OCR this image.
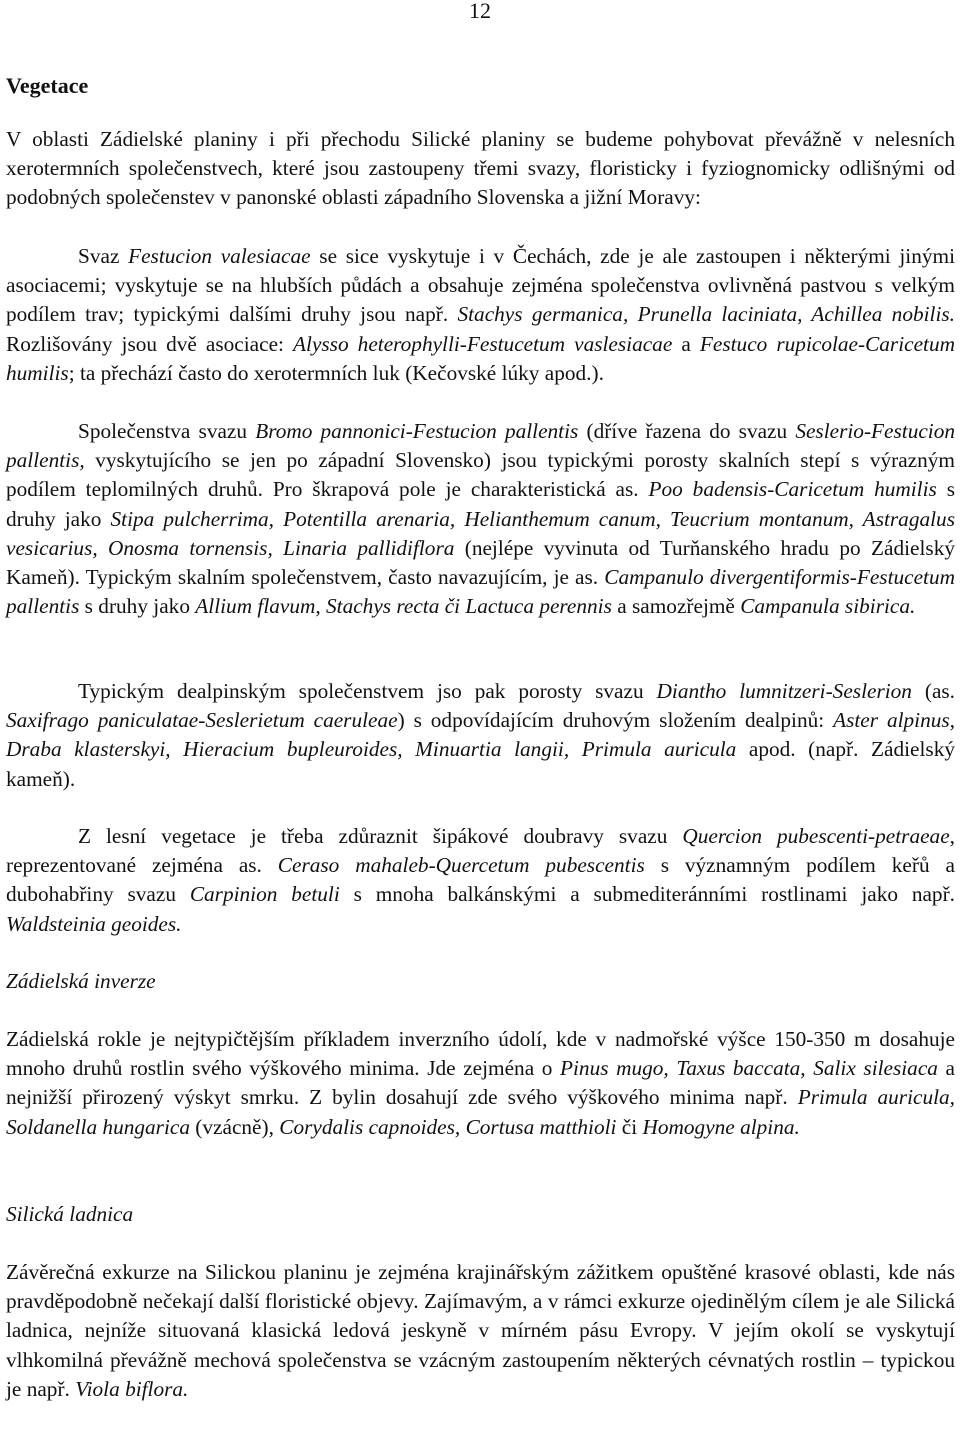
12
Vegetace

V oblasti Zádielské planiny i při přechodu Silické planiny se budeme pohybovat převážně v nelesních xerotermních společenstvech, které jsou zastoupeny třemi svazy, floristicky i fyziognomicky odlišnými od podobných společenstev v panonské oblasti západního Slovenska a jižní Moravy:

Svaz Festucion valesiacae se sice vyskytuje i v Čechách, zde je ale zastoupen i některými jinými asociacemi; vyskytuje se na hlubších půdách a obsahuje zejména společenstva ovlivněná pastvou s velkým podílem trav; typickými dalšími druhy jsou např. Stachys germanica, Prunella laciniata, Achillea nobilis. Rozlišovány jsou dvě asociace: Alysso heterophylli-Festucetum vaslesiacae a Festuco rupicolae-Caricetum humilis; ta přechází často do xerotermních luk (Kečovské lúky apod.).

Společenstva svazu Bromo pannonici-Festucion pallentis (dříve řazena do svazu Seslerio-Festucion pallentis, vyskytujícího se jen po západní Slovensko) jsou typickými porosty skalních stepí s výrazným podílem teplomilných druhů. Pro škrapová pole je charakteristická as. Poo badensis-Caricetum humilis s druhy jako Stipa pulcherrima, Potentilla arenaria, Helianthemum canum, Teucrium montanum, Astragalus vesicarius, Onosma tornensis, Linaria pallidiflora (nejlépe vyvinuta od Turňanského hradu po Zádielský Kameň). Typickým skalním společenstvem, často navazujícím, je as. Campanulo divergentiformis-Festucetum pallentis s druhy jako Allium flavum, Stachys recta či Lactuca perennis a samozřejmě Campanula sibirica.

Typickým dealpinským společenstvem jso pak porosty svazu Diantho lumnitzeri-Seslerion (as. Saxifrago paniculatae-Seslerietum caeruleae) s odpovídajícím druhovým složením dealpinů: Aster alpinus, Draba klasterskyi, Hieracium bupleuroides, Minuartia langii, Primula auricula apod. (např. Zádielský kameň).

Z lesní vegetace je třeba zdůraznit šipákové doubravy svazu Quercion pubescenti-petraeae, reprezentované zejména as. Ceraso mahaleb-Quercetum pubescentis s významným podílem keřů a dubohabřiny svazu Carpinion betuli s mnoha balkánskými a submediteránními rostlinami jako např. Waldsteinia geoides.

Zádielská inverze

Zádielská rokle je nejtypičtějším příkladem inverzního údolí, kde v nadmořské výšce 150-350 m dosahuje mnoho druhů rostlin svého výškového minima. Jde zejména o Pinus mugo, Taxus baccata, Salix silesiaca a nejnižší přirozený výskyt smrku. Z bylin dosahují zde svého výškového minima např. Primula auricula, Soldanella hungarica (vzácně), Corydalis capnoides, Cortusa matthioli či Homogyne alpina.

Silická ladnica

Závěrečná exkurze na Silickou planinu je zejména krajinářským zážitkem opuštěné krasové oblasti, kde nás pravděpodobně nečekají další floristické objevy. Zajímavým, a v rámci exkurze ojedinělým cílem je ale Silická ladnica, nejníže situovaná klasická ledová jeskyně v mírném pásu Evropy. V jejím okolí se vyskytují vlhkomilná převážně mechová společenstva se vzácným zastoupením některých cévnatých rostlin – typickou je např. Viola biflora.
